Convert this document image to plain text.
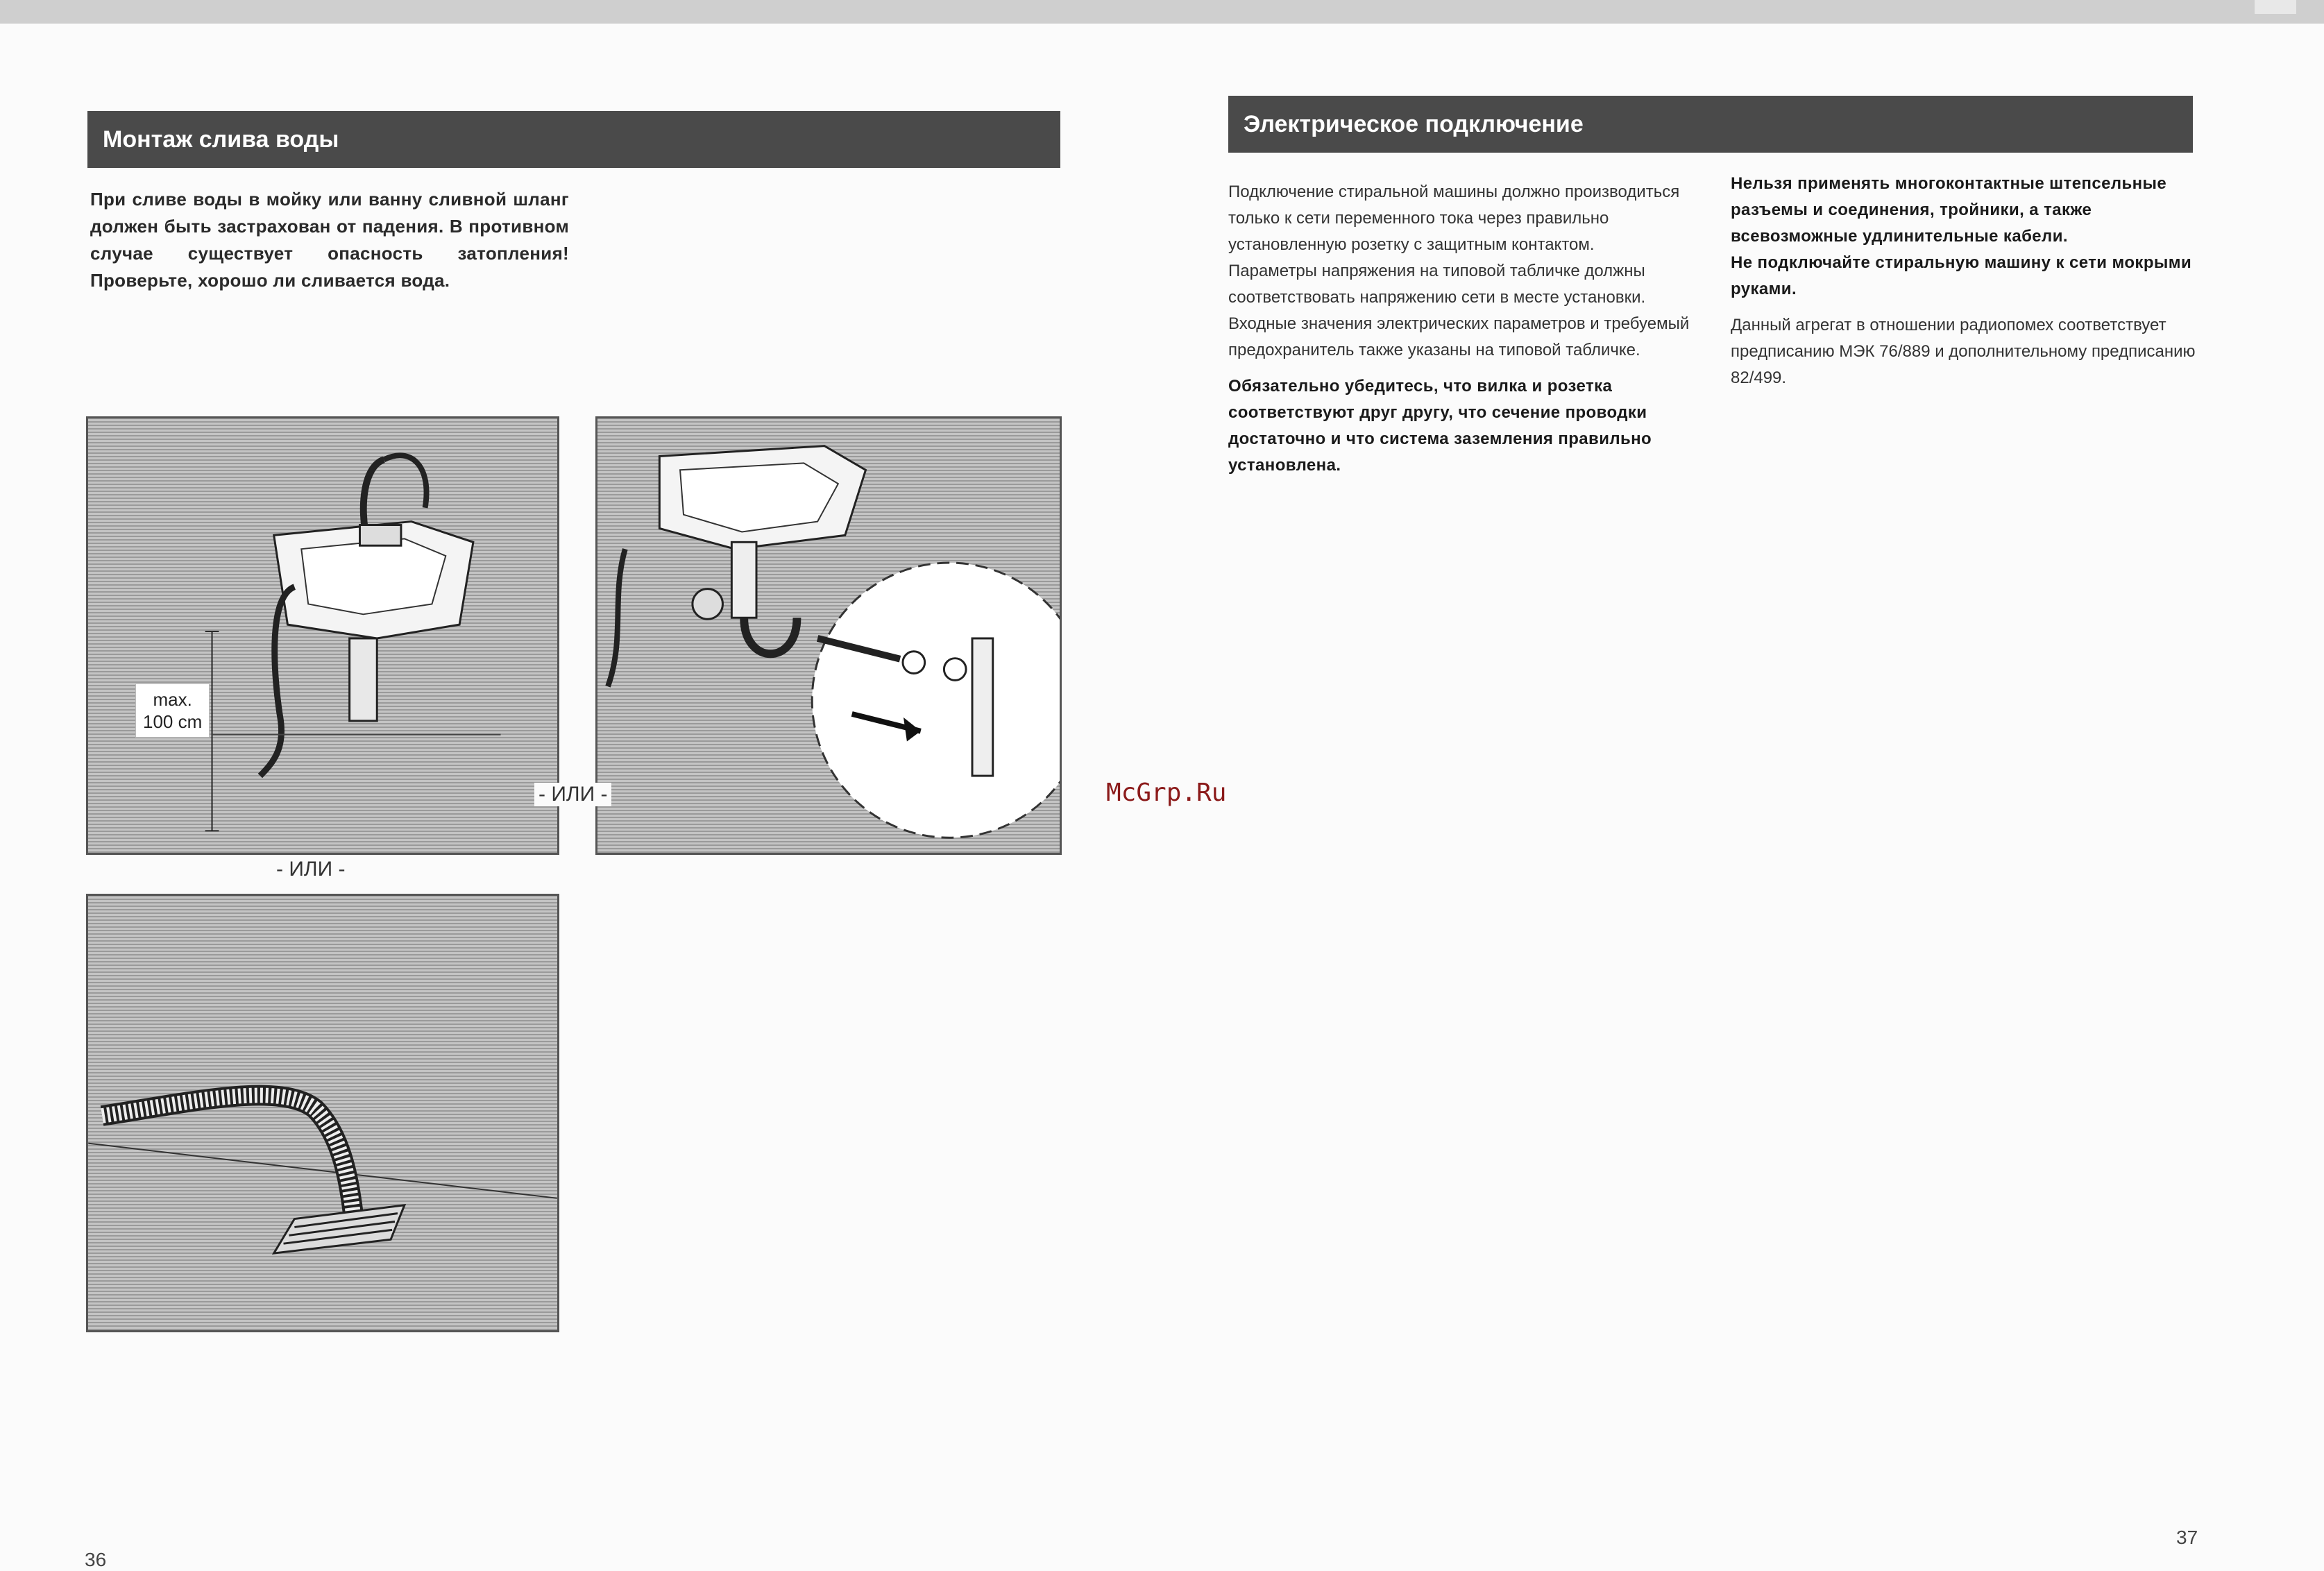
Монтаж слива воды
При сливе воды в мойку или ванну сливной шланг должен быть застрахован от падения. В противном случае существует опасность затопления! Проверьте, хорошо ли сливается вода.
max.
100 cm
- ИЛИ -
- ИЛИ -
36
Электрическое подключение

Подключение стиральной машины должно производиться только к сети переменного тока через правильно установленную розетку с защитным контактом.

Параметры напряжения на типовой табличке должны соответствовать напряжению сети в месте установки.

Входные значения электрических параметров и требуемый предохранитель также указаны на типовой табличке.

Обязательно убедитесь, что вилка и розетка соответствуют друг другу, что сечение проводки достаточно и что система заземления правильно установлена.

Нельзя применять многоконтактные штепсельные разъемы и соединения, тройники, а также всевозможные удлинительные кабели.

Не подключайте стиральную машину к сети мокрыми руками.

Данный агрегат в отношении радиопомех соответствует предписанию МЭК 76/889 и дополнительному предписанию 82/499.

McGrp.Ru
37
